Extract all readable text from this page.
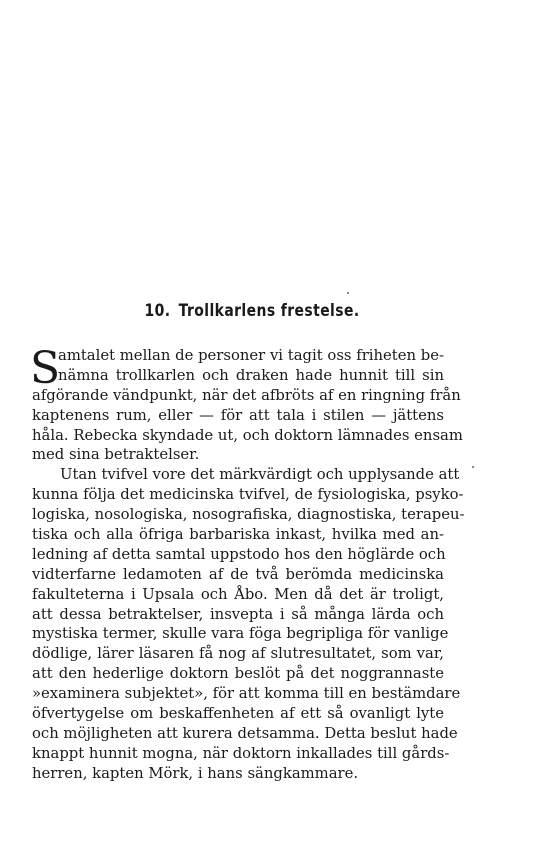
10. Trollkarlens frestelse.
S
amtalet mellan de personer vi tagit oss friheten be-
nämna trollkarlen och draken hade hunnit till sin
afgörande vändpunkt, när det afbröts af en ringning från
kaptenens rum, eller — för att tala i stilen — jättens
håla. Rebecka skyndade ut, och doktorn lämnades ensam
med sina betraktelser.
Utan tvifvel vore det märkvärdigt och upplysande att
kunna följa det medicinska tvifvel, de fysiologiska, psyko-
logiska, nosologiska, nosografiska, diagnostiska, terapeu-
tiska och alla öfriga barbariska inkast, hvilka med an-
ledning af detta samtal uppstodo hos den höglärde och
vidterfarne ledamoten af de två berömda medicinska
fakulteterna i Upsala och Åbo. Men då det är troligt,
att dessa betraktelser, insvepta i så många lärda och
mystiska termer, skulle vara föga begripliga för vanlige
dödlige, lärer läsaren få nog af slutresultatet, som var,
att den hederlige doktorn beslöt på det noggrannaste
»examinera subjektet», för att komma till en bestämdare
öfvertygelse om beskaffenheten af ett så ovanligt lyte
och möjligheten att kurera detsamma. Detta beslut hade
knappt hunnit mogna, när doktorn inkallades till gårds-
herren, kapten Mörk, i hans sängkammare.
